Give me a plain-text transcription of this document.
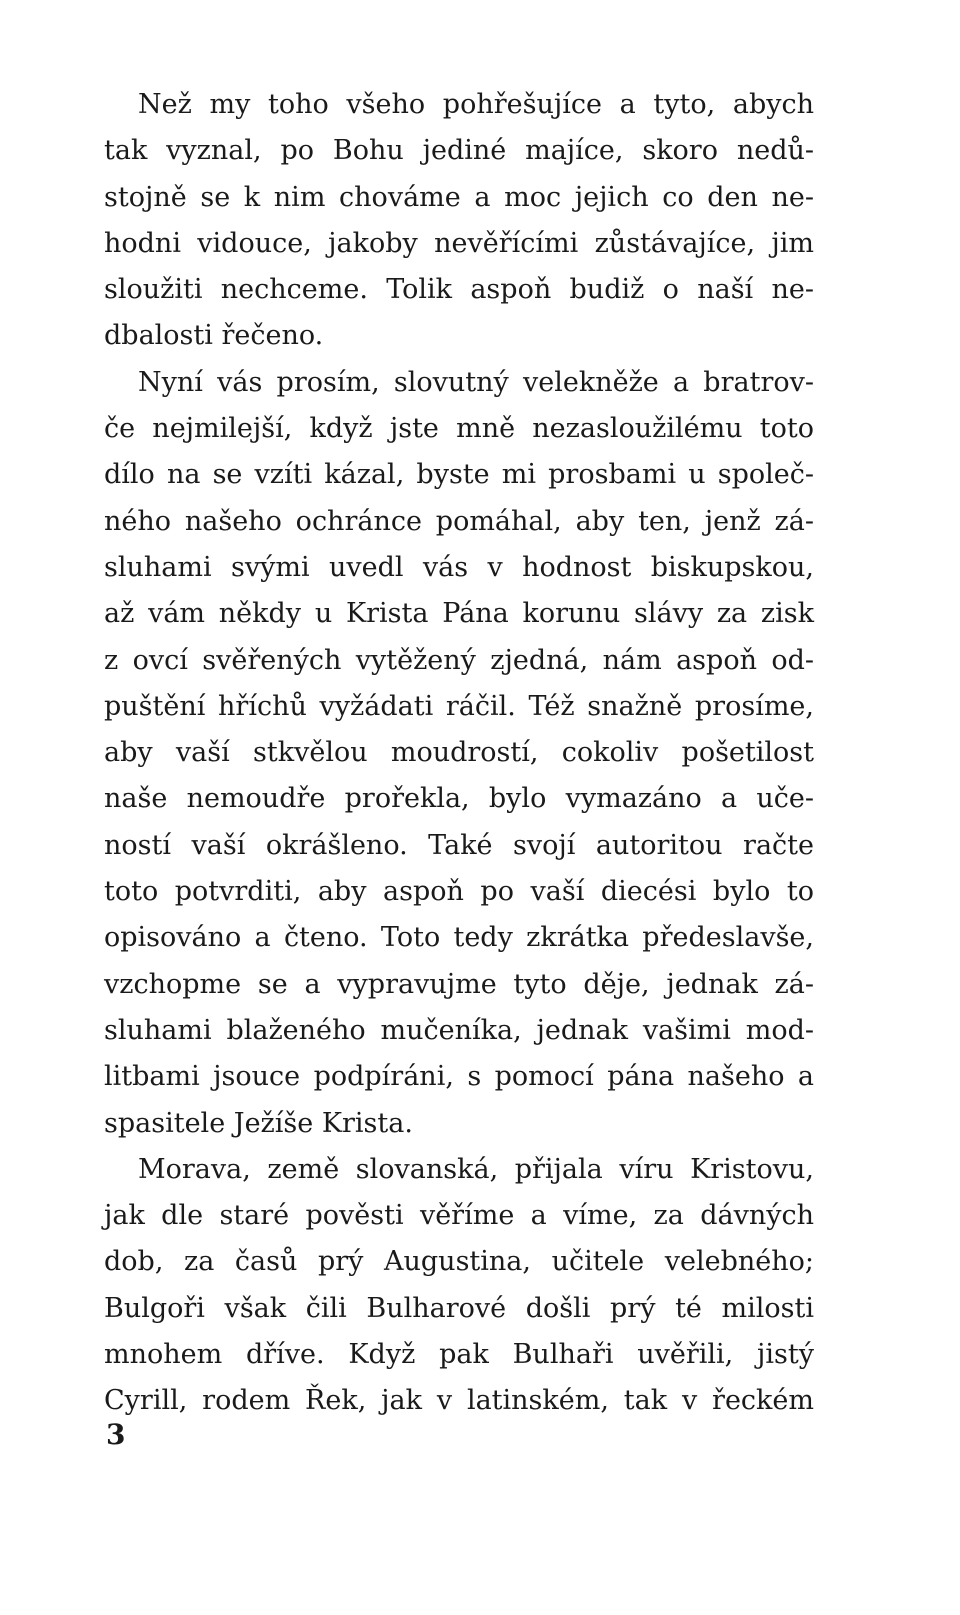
Než my toho všeho pohřešujíce a tyto, abych
tak vyznal, po Bohu jediné majíce, skoro nedů-
stojně se k nim chováme a moc jejich co den ne-
hodni vidouce, jakoby nevěřícími zůstávajíce, jim
sloužiti nechceme. Tolik aspoň budiž o naší ne-
dbalosti řečeno.
Nyní vás prosím, slovutný velekněže a bratrov-
če nejmilejší, když jste mně nezasloužilému toto
dílo na se vzíti kázal, byste mi prosbami u společ-
ného našeho ochránce pomáhal, aby ten, jenž zá-
sluhami svými uvedl vás v hodnost biskupskou,
až vám někdy u Krista Pána korunu slávy za zisk
z ovcí svěřených vytěžený zjedná, nám aspoň od-
puštění hříchů vyžádati ráčil. Též snažně prosíme,
aby vaší stkvělou moudrostí, cokoliv pošetilost
naše nemoudře prořekla, bylo vymazáno a uče-
ností vaší okrášleno. Také svojí autoritou račte
toto potvrditi, aby aspoň po vaší diecési bylo to
opisováno a čteno. Toto tedy zkrátka předeslavše,
vzchopme se a vypravujme tyto děje, jednak zá-
sluhami blaženého mučeníka, jednak vašimi mod-
litbami jsouce podpíráni, s pomocí pána našeho a
spasitele Ježíše Krista.
Morava, země slovanská, přijala víru Kristovu,
jak dle staré pověsti věříme a víme, za dávných
dob, za časů prý Augustina, učitele velebného;
Bulgoři však čili Bulharové došli prý té milosti
mnohem dříve. Když pak Bulhaři uvěřili, jistý
Cyrill, rodem Řek, jak v latinském, tak v řeckém
3
